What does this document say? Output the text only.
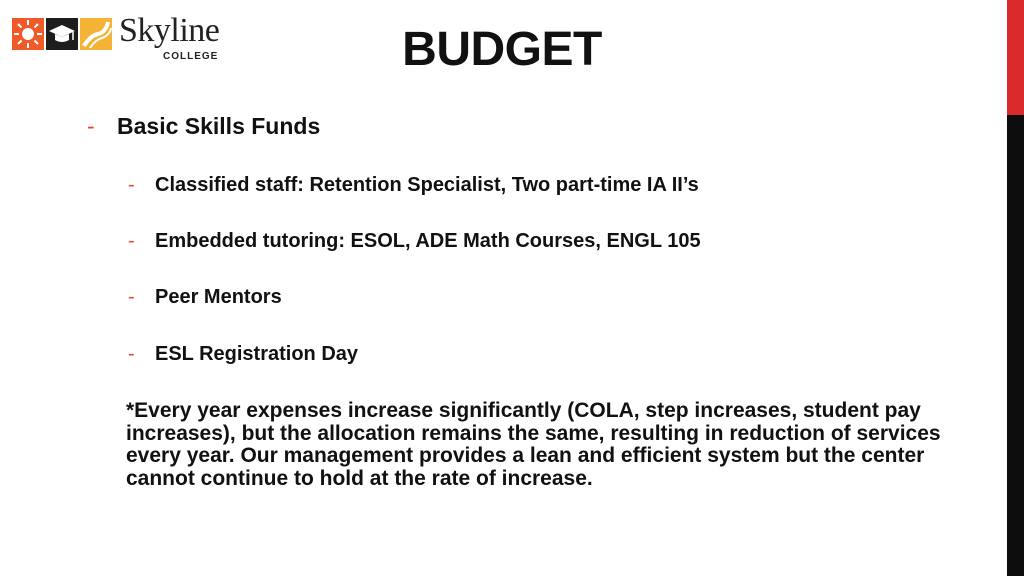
Skyline
COLLEGE	BUDGET
- Basic Skills Funds
- Classified staff: Retention Specialist, Two part-time IA II’s
- Embedded tutoring: ESOL, ADE Math Courses, ENGL 105
- Peer Mentors
- ESL Registration Day
*Every year expenses increase significantly (COLA, step increases, student pay increases), but the allocation remains the same, resulting in reduction of services every year. Our management provides a lean and efficient system but the center cannot continue to hold at the rate of increase.
